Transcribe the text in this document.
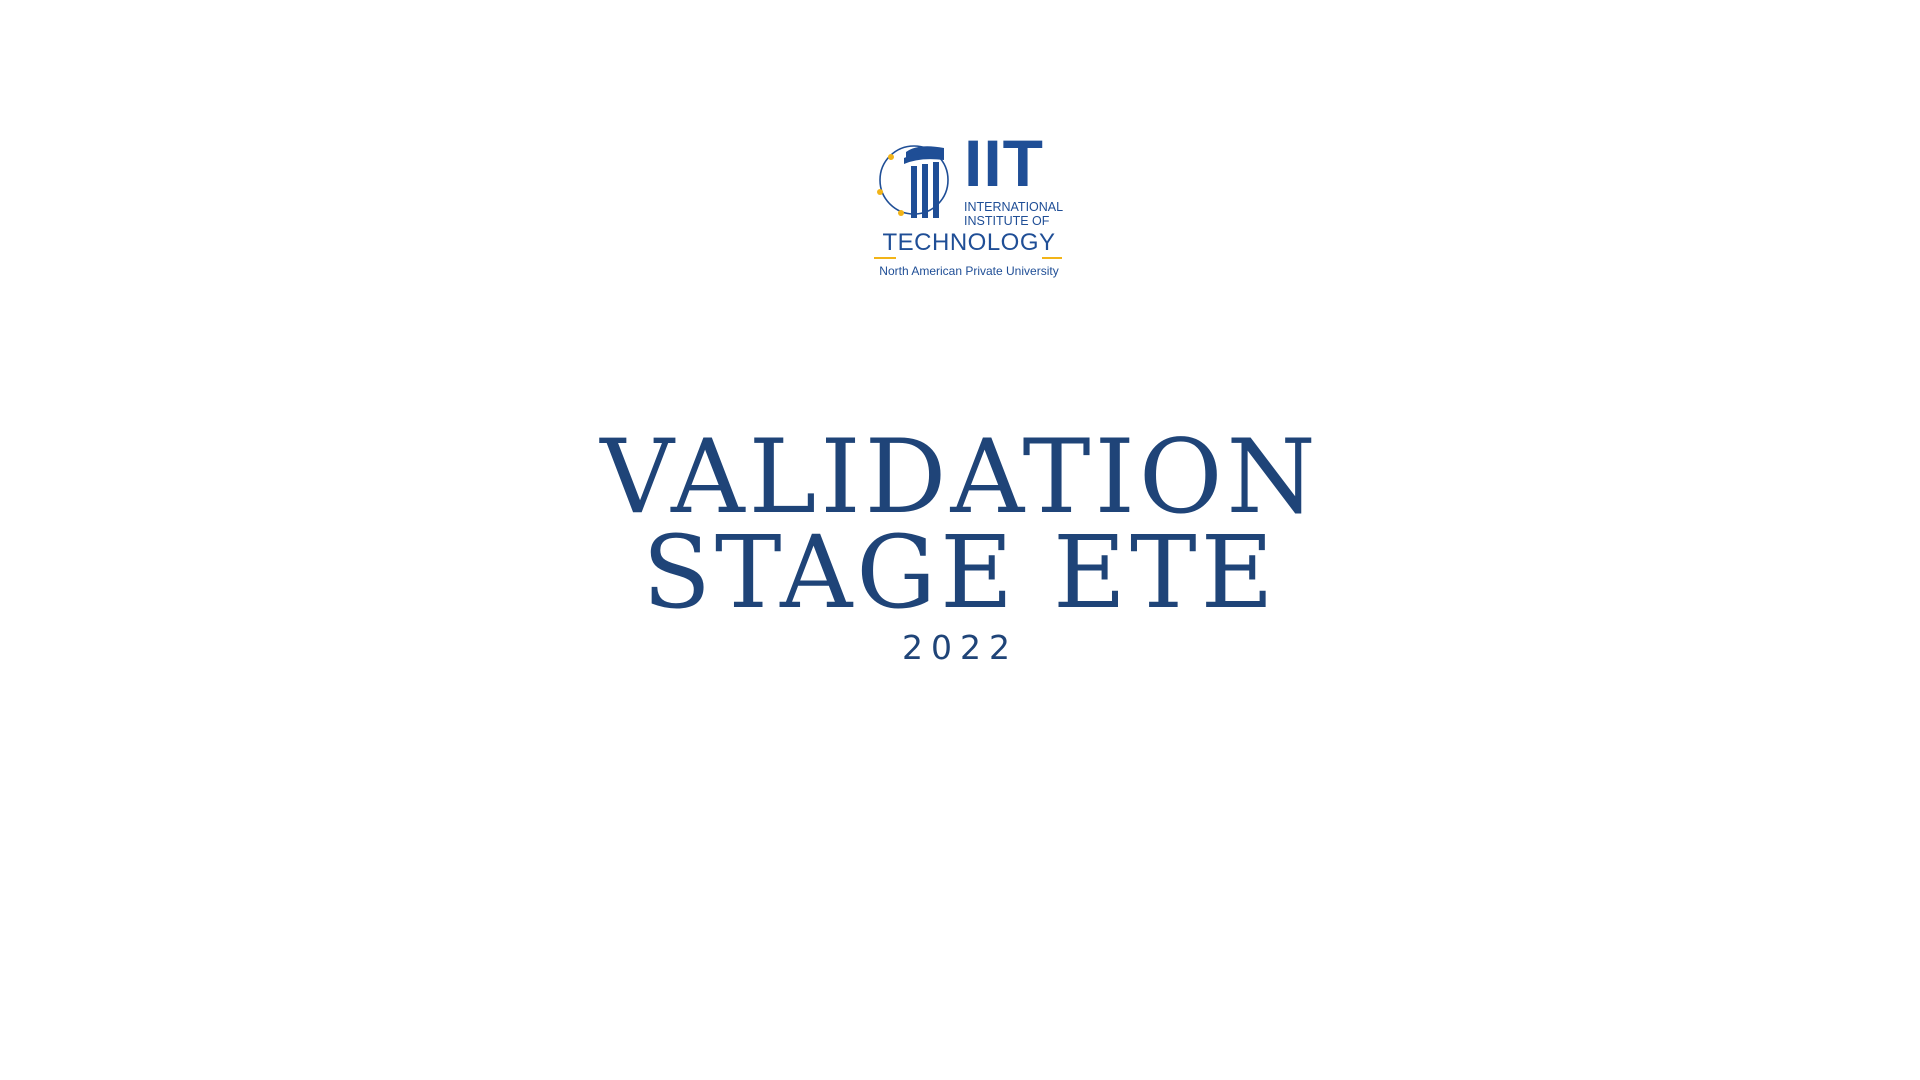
IIT
INTERNATIONAL
INSTITUTE OF
TECHNOLOGY
North American Private University
VALIDATION
STAGE ETE
2022
